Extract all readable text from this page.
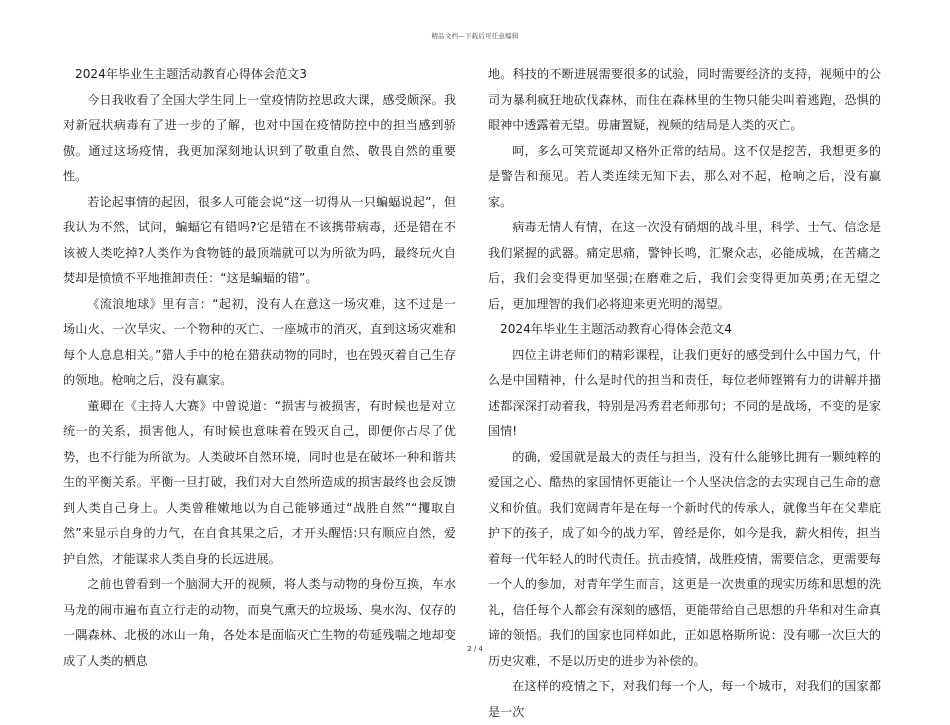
精品文档—下载后可任意编辑

2024年毕业生主题活动教育心得体会范文3

今日我收看了全国大学生同上一堂疫情防控思政大课，感受颇深。我对新冠状病毒有了进一步的了解，也对中国在疫情防控中的担当感到骄傲。通过这场疫情，我更加深刻地认识到了敬重自然、敬畏自然的重要性。

若论起事情的起因，很多人可能会说“这一切得从一只蝙蝠说起”，但我认为不然，试问，蝙蝠它有错吗?它是错在不该携带病毒，还是错在不该被人类吃掉?人类作为食物链的最顶端就可以为所欲为吗，最终玩火自焚却是愤愤不平地推卸责任：“这是蝙蝠的错”。

《流浪地球》里有言：“起初，没有人在意这一场灾难，这不过是一场山火、一次旱灾、一个物种的灭亡、一座城市的消灭，直到这场灾难和每个人息息相关。”猎人手中的枪在猎获动物的同时，也在毁灭着自己生存的领地。枪响之后，没有赢家。

董卿在《主持人大赛》中曾说道：“损害与被损害，有时候也是对立统一的关系，损害他人，有时候也意味着在毁灭自己，即便你占尽了优势，也不行能为所欲为。人类破坏自然环境，同时也是在破坏一种和谐共生的平衡关系。平衡一旦打破，我们对大自然所造成的损害最终也会反馈到人类自己身上。人类曾稚嫩地以为自己能够通过“战胜自然”“攫取自然”来显示自身的力气，在自食其果之后，才开头醒悟:只有顺应自然，爱护自然，才能谋求人类自身的长远进展。

之前也曾看到一个脑洞大开的视频，将人类与动物的身份互换，车水马龙的闹市遍布直立行走的动物，而臭气熏天的垃圾场、臭水沟、仅存的一隅森林、北极的冰山一角，各处本是面临灭亡生物的苟延残喘之地却变成了人类的栖息

地。科技的不断进展需要很多的试验，同时需要经济的支持，视频中的公司为暴利疯狂地砍伐森林，而住在森林里的生物只能尖叫着逃跑，恐惧的眼神中透露着无望。毋庸置疑，视频的结局是人类的灭亡。

呵，多么可笑荒诞却又格外正常的结局。这不仅是挖苦，我想更多的是警告和预见。若人类连续无知下去，那么对不起，枪响之后，没有赢家。

病毒无情人有情，在这一次没有硝烟的战斗里，科学、士气、信念是我们紧握的武器。痛定思痛，警钟长鸣，汇聚众志，必能成城，在苦痛之后，我们会变得更加坚强;在磨难之后，我们会变得更加英勇;在无望之后，更加理智的我们必将迎来更光明的渴望。

2024年毕业生主题活动教育心得体会范文4

四位主讲老师们的精彩课程，让我们更好的感受到什么中国力气，什么是中国精神，什么是时代的担当和责任，每位老师铿锵有力的讲解并描述都深深打动着我，特别是冯秀君老师那句；不同的是战场，不变的是家国情!

的确，爱国就是最大的责任与担当，没有什么能够比拥有一颗纯粹的爱国之心、酷热的家国情怀更能让一个人坚决信念的去实现自己生命的意义和价值。我们宽阔青年是在每一个新时代的传承人，就像当年在父辈庇护下的孩子，成了如今的战力军，曾经是你，如今是我，薪火相传，担当着每一代年轻人的时代责任。抗击疫情，战胜疫情，需要信念，更需要每一个人的参加，对青年学生而言，这更是一次贵重的现实历练和思想的洗礼，信任每个人都会有深刻的感悟，更能带给自己思想的升华和对生命真谛的领悟。我们的国家也同样如此，正如恩格斯所说：没有哪一次巨大的历史灾难，不是以历史的进步为补偿的。

在这样的疫情之下，对我们每一个人，每一个城市，对我们的国家都是一次

2 / 4
